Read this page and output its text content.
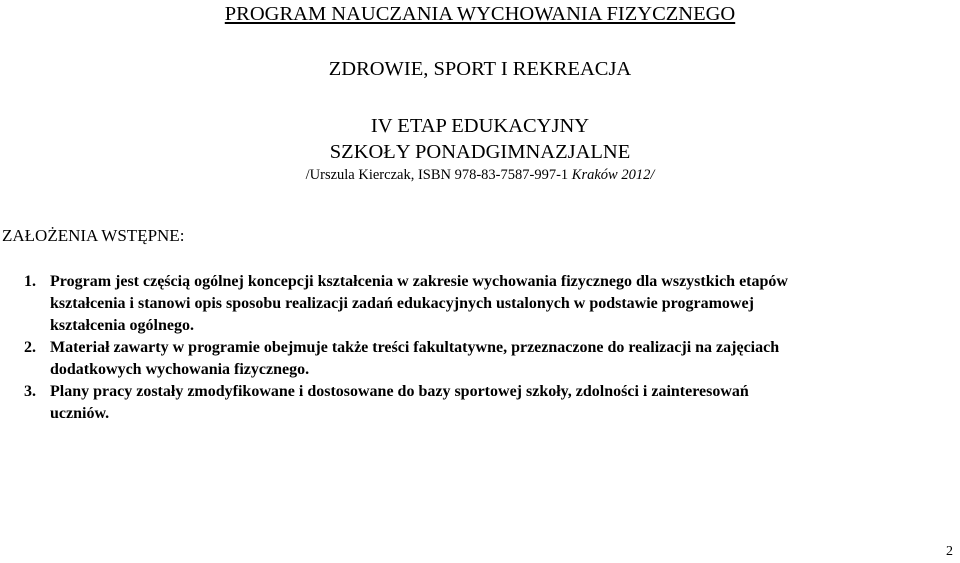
PROGRAM NAUCZANIA WYCHOWANIA FIZYCZNEGO
ZDROWIE, SPORT I REKREACJA
IV ETAP EDUKACYJNY
SZKOŁY PONADGIMNAZJALNE
/Urszula Kierczak, ISBN 978-83-7587-997-1 Kraków 2012/
ZAŁOŻENIA WSTĘPNE:
1. Program jest częścią ogólnej koncepcji kształcenia w zakresie wychowania fizycznego dla wszystkich etapów
kształcenia i stanowi opis sposobu realizacji zadań edukacyjnych ustalonych w podstawie programowej
kształcenia ogólnego.
2. Materiał zawarty w programie obejmuje także treści fakultatywne, przeznaczone do realizacji na zajęciach
dodatkowych wychowania fizycznego.
3. Plany pracy zostały zmodyfikowane i dostosowane do bazy sportowej szkoły, zdolności i zainteresowań
uczniów.
2
